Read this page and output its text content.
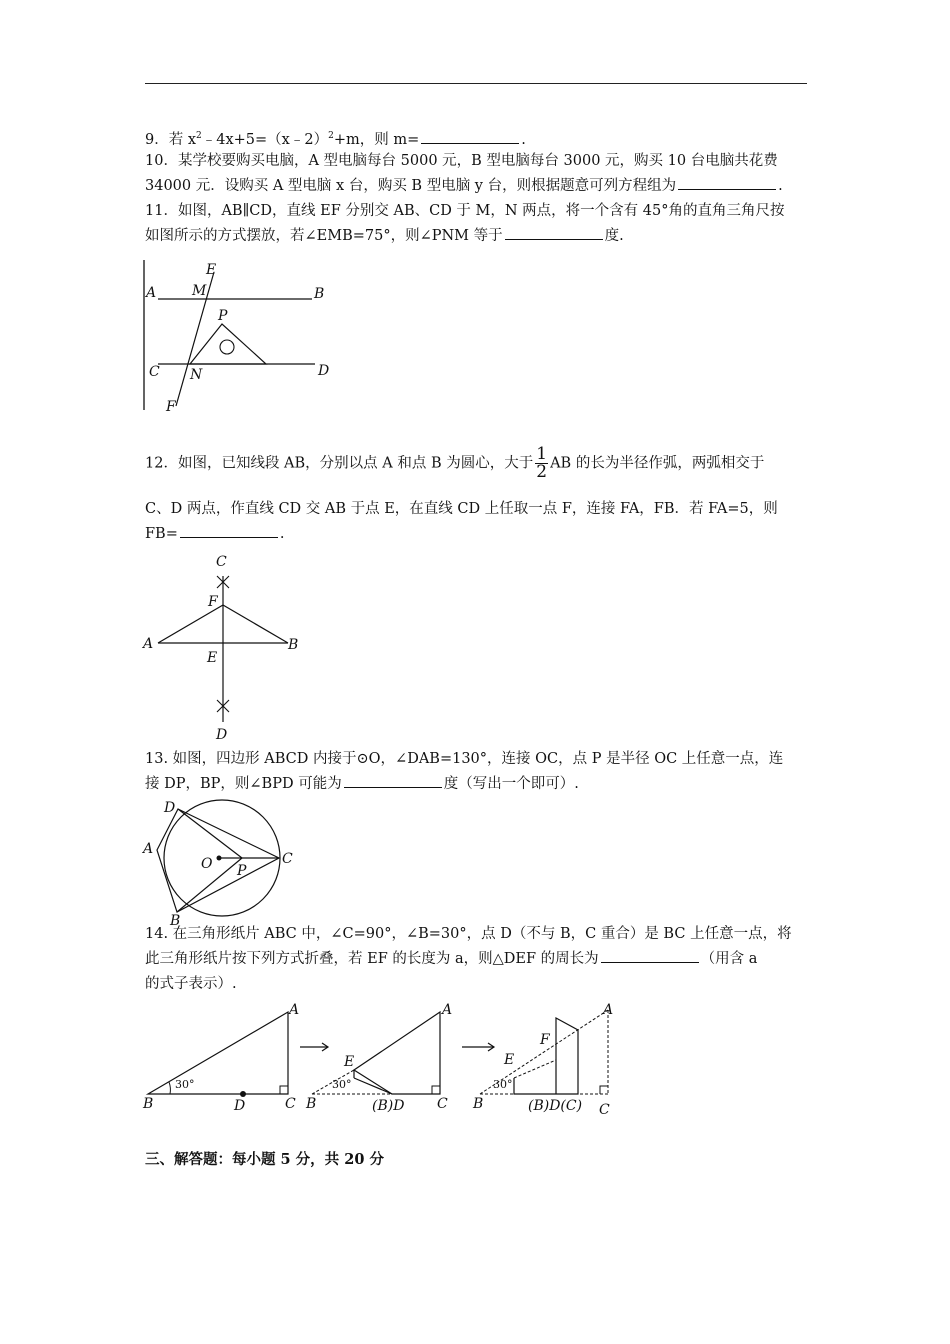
9．若 $x^2﹣4x+5=(x﹣2)^2+m$，则 m=	.
10．某学校要购买电脑，A 型电脑每台 5000 元，B 型电脑每台 3000 元，购买 10 台电脑共花费
34000 元．设购买 A 型电脑 x 台，购买 B 型电脑 y 台，则根据题意可列方程组为	.
11．如图，AB∥CD，直线 EF 分别交 AB、CD 于 M，N 两点，将一个含有 45°角的直角三角尺按
如图所示的方式摆放，若∠EMB=75°，则∠PNM 等于	度.
E
M
A	B
P
C N	D
F
12．如图，已知线段 AB，分别以点 A 和点 B 为圆心，大于 $\frac{1}{2}$ AB 的长为半径作弧，两弧相交于
C、D 两点，作直线 CD 交 AB 于点 E，在直线 CD 上任取一点 F，连接 FA，FB．若 FA=5，则
FB=	.
C
F
A
E
B
D
13. 如图，四边形 ABCD 内接于⊙O，∠DAB=130°，连接 OC，点 P 是半径 OC 上任意一点，连
接 DP，BP，则∠BPD 可能为	度（写出一个即可）.
D
A
O P
C
B
14. 在三角形纸片 ABC 中，∠C=90°，∠B=30°，点 D（不与 B，C 重合）是 BC 上任意一点，将
此三角形纸片按下列方式折叠，若 EF 的长度为 a，则△DEF 的周长为	（用含 a
的式子表示）.
30°
A
B	D	C
30°
A
E
B	(B)D C
30°
A
F
E
B	(B)D(C) C
三、解答题：每小题 5 分，共 20 分
